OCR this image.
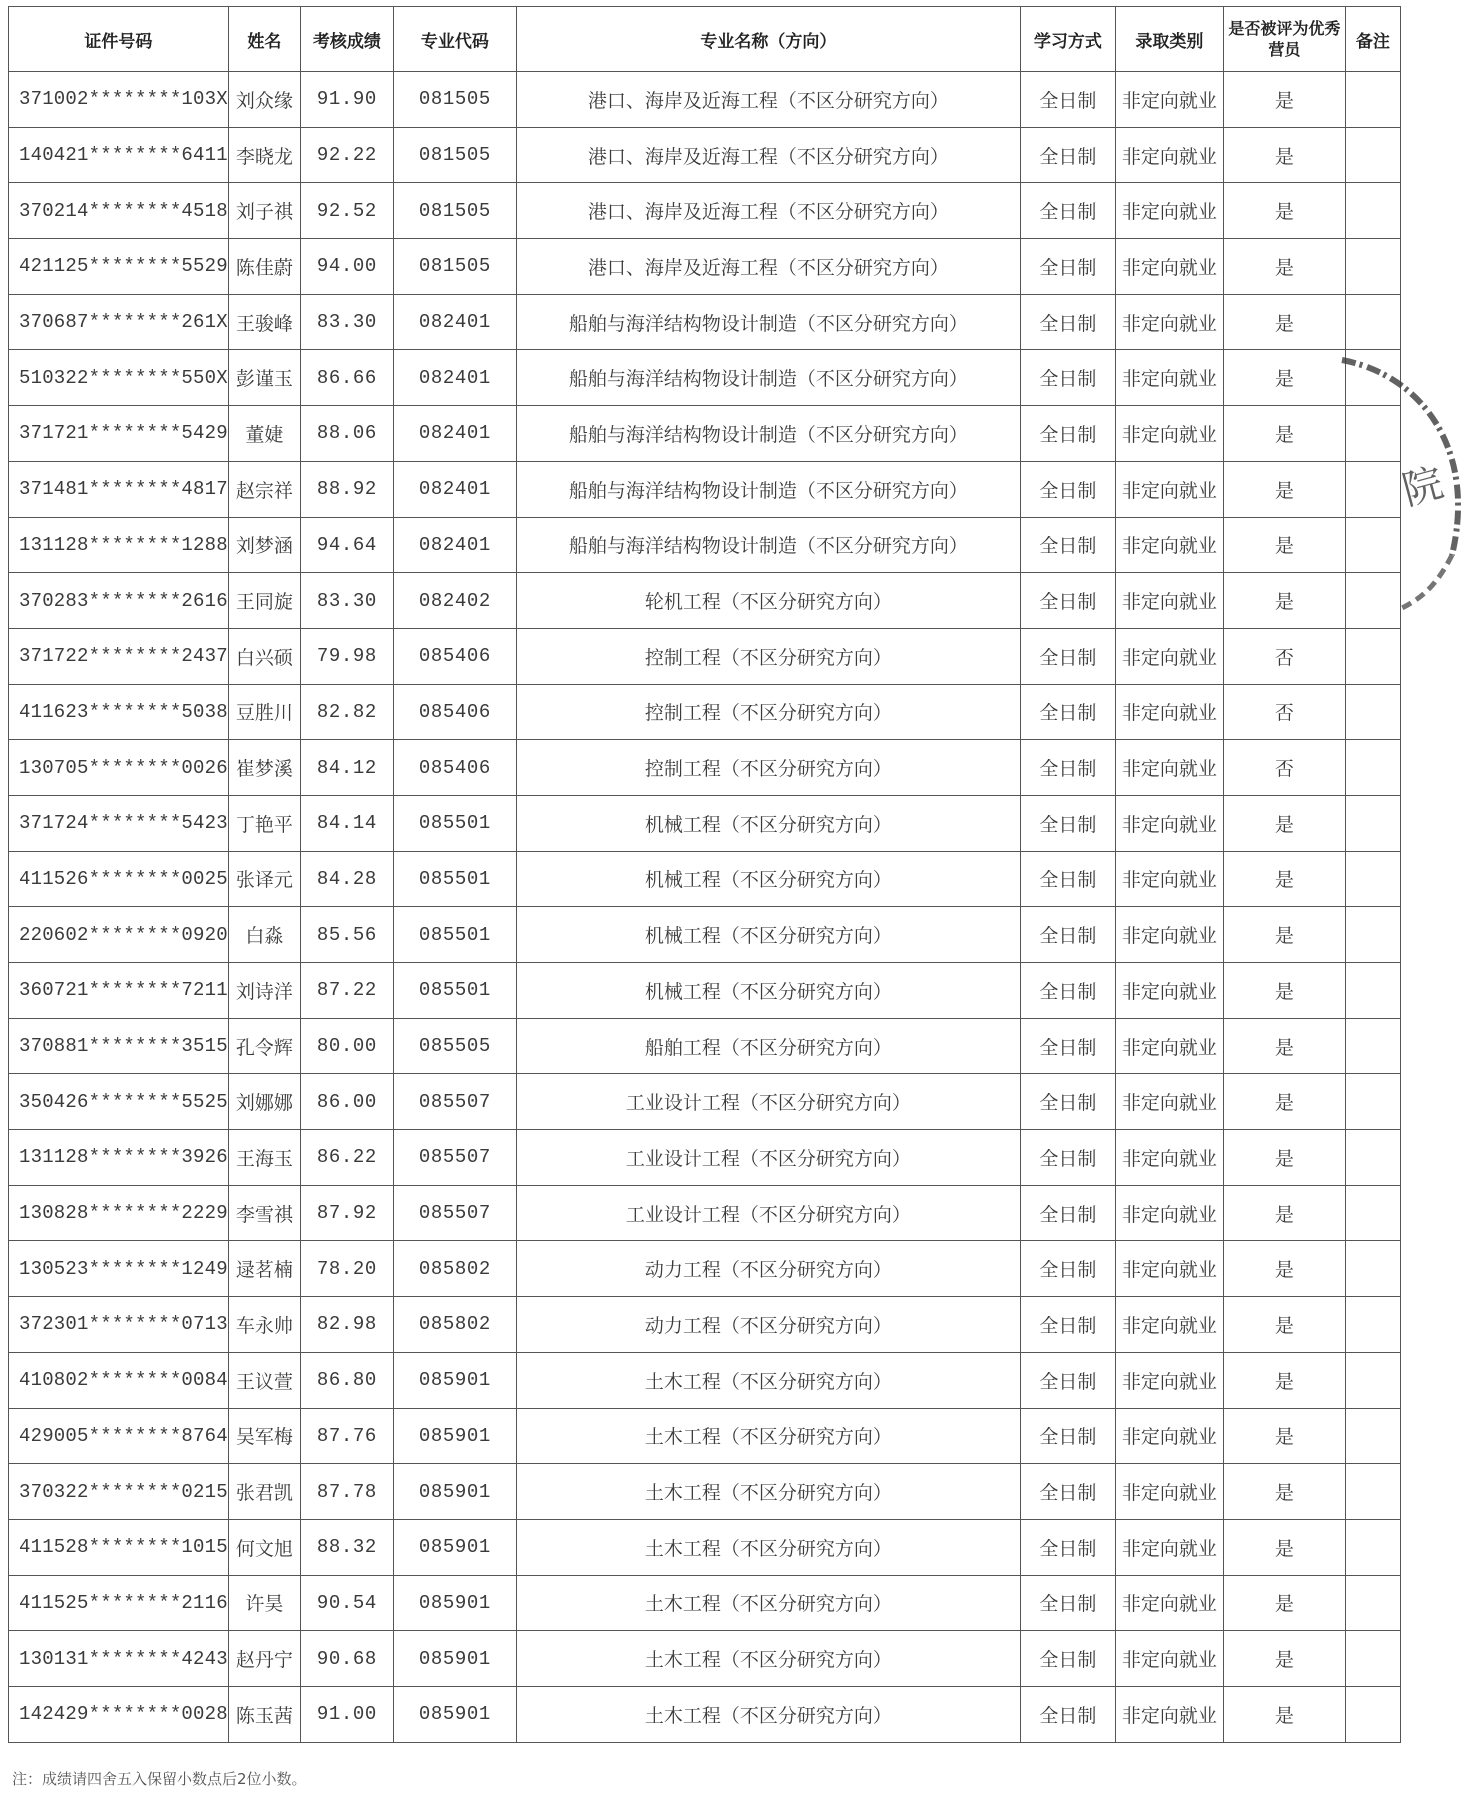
证件号码	姓名	考核成绩	专业代码	专业名称（方向）	学习方式	录取类别	是否被评为优秀营员	备注
371002********103X	刘众缘	91.90	081505	港口、海岸及近海工程（不区分研究方向）	全日制	非定向就业	是	
140421********6411	李晓龙	92.22	081505	港口、海岸及近海工程（不区分研究方向）	全日制	非定向就业	是	
370214********4518	刘子祺	92.52	081505	港口、海岸及近海工程（不区分研究方向）	全日制	非定向就业	是	
421125********5529	陈佳蔚	94.00	081505	港口、海岸及近海工程（不区分研究方向）	全日制	非定向就业	是	
370687********261X	王骏峰	83.30	082401	船舶与海洋结构物设计制造（不区分研究方向）	全日制	非定向就业	是	
510322********550X	彭谨玉	86.66	082401	船舶与海洋结构物设计制造（不区分研究方向）	全日制	非定向就业	是	
371721********5429	董婕	88.06	082401	船舶与海洋结构物设计制造（不区分研究方向）	全日制	非定向就业	是	
371481********4817	赵宗祥	88.92	082401	船舶与海洋结构物设计制造（不区分研究方向）	全日制	非定向就业	是	
131128********1288	刘梦涵	94.64	082401	船舶与海洋结构物设计制造（不区分研究方向）	全日制	非定向就业	是	
370283********2616	王同旋	83.30	082402	轮机工程（不区分研究方向）	全日制	非定向就业	是	
371722********2437	白兴硕	79.98	085406	控制工程（不区分研究方向）	全日制	非定向就业	否	
411623********5038	豆胜川	82.82	085406	控制工程（不区分研究方向）	全日制	非定向就业	否	
130705********0026	崔梦溪	84.12	085406	控制工程（不区分研究方向）	全日制	非定向就业	否	
371724********5423	丁艳平	84.14	085501	机械工程（不区分研究方向）	全日制	非定向就业	是	
411526********0025	张译元	84.28	085501	机械工程（不区分研究方向）	全日制	非定向就业	是	
220602********0920	白淼	85.56	085501	机械工程（不区分研究方向）	全日制	非定向就业	是	
360721********7211	刘诗洋	87.22	085501	机械工程（不区分研究方向）	全日制	非定向就业	是	
370881********3515	孔令辉	80.00	085505	船舶工程（不区分研究方向）	全日制	非定向就业	是	
350426********5525	刘娜娜	86.00	085507	工业设计工程（不区分研究方向）	全日制	非定向就业	是	
131128********3926	王海玉	86.22	085507	工业设计工程（不区分研究方向）	全日制	非定向就业	是	
130828********2229	李雪祺	87.92	085507	工业设计工程（不区分研究方向）	全日制	非定向就业	是	
130523********1249	逯茗楠	78.20	085802	动力工程（不区分研究方向）	全日制	非定向就业	是	
372301********0713	车永帅	82.98	085802	动力工程（不区分研究方向）	全日制	非定向就业	是	
410802********0084	王议萱	86.80	085901	土木工程（不区分研究方向）	全日制	非定向就业	是	
429005********8764	吴军梅	87.76	085901	土木工程（不区分研究方向）	全日制	非定向就业	是	
370322********0215	张君凯	87.78	085901	土木工程（不区分研究方向）	全日制	非定向就业	是	
411528********1015	何文旭	88.32	085901	土木工程（不区分研究方向）	全日制	非定向就业	是	
411525********2116	许昊	90.54	085901	土木工程（不区分研究方向）	全日制	非定向就业	是	
130131********4243	赵丹宁	90.68	085901	土木工程（不区分研究方向）	全日制	非定向就业	是	
142429********0028	陈玉茜	91.00	085901	土木工程（不区分研究方向）	全日制	非定向就业	是	
院
注：成绩请四舍五入保留小数点后2位小数。
